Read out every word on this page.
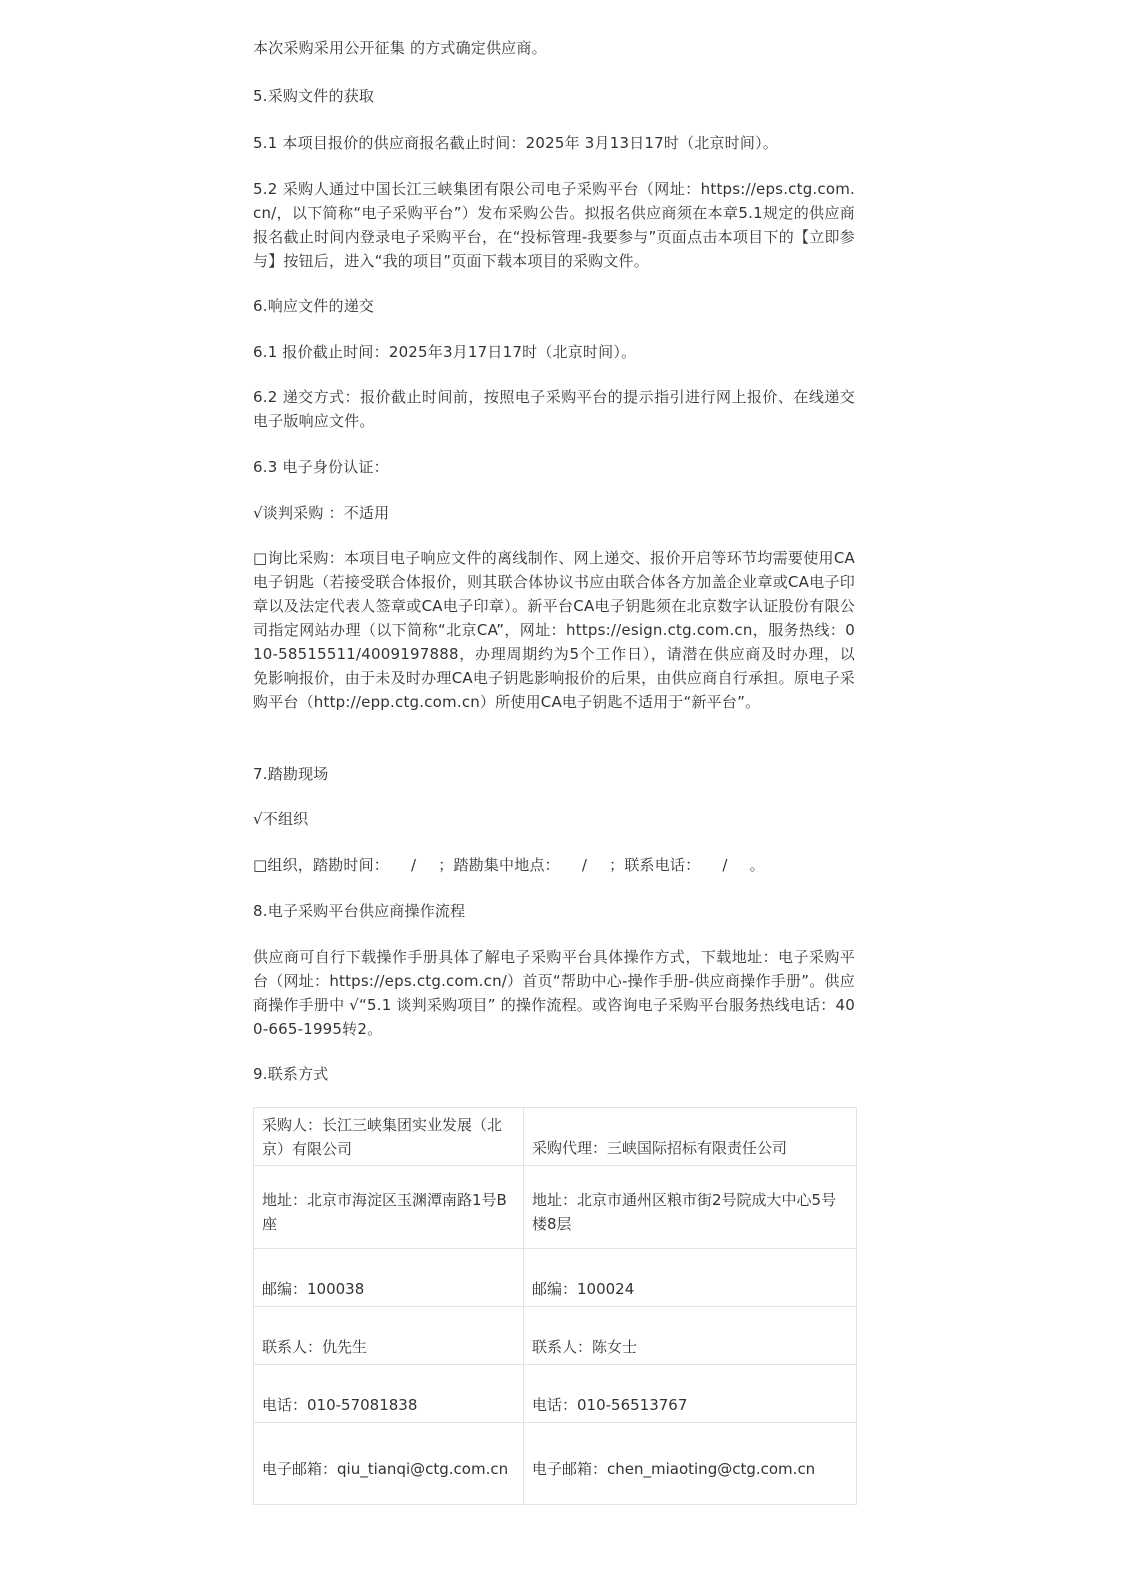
本次采购采用公开征集 的方式确定供应商。

5.采购文件的获取

5.1 本项目报价的供应商报名截止时间：2025年 3月13日17时（北京时间）。

5.2 采购人通过中国长江三峡集团有限公司电子采购平台（网址：https://eps.ctg.com.cn/，以下简称“电子采购平台”）发布采购公告。拟报名供应商须在本章5.1规定的供应商报名截止时间内登录电子采购平台，在“投标管理-我要参与”页面点击本项目下的【立即参与】按钮后，进入“我的项目”页面下载本项目的采购文件。

6.响应文件的递交

6.1 报价截止时间：2025年3月17日17时（北京时间）。

6.2 递交方式：报价截止时间前，按照电子采购平台的提示指引进行网上报价、在线递交电子版响应文件。

6.3 电子身份认证：

√谈判采购 ：不适用

□询比采购：本项目电子响应文件的离线制作、网上递交、报价开启等环节均需要使用CA电子钥匙（若接受联合体报价，则其联合体协议书应由联合体各方加盖企业章或CA电子印章以及法定代表人签章或CA电子印章）。新平台CA电子钥匙须在北京数字认证股份有限公司指定网站办理（以下简称“北京CA”，网址：https://esign.ctg.com.cn，服务热线：010-58515511/4009197888，办理周期约为5个工作日），请潜在供应商及时办理，以免影响报价，由于未及时办理CA电子钥匙影响报价的后果，由供应商自行承担。原电子采购平台（http://epp.ctg.com.cn）所使用CA电子钥匙不适用于“新平台”。

7.踏勘现场

√不组织

□组织，踏勘时间： / ；踏勘集中地点： / ；联系电话： / 。

8.电子采购平台供应商操作流程

供应商可自行下载操作手册具体了解电子采购平台具体操作方式，下载地址：电子采购平台（网址：https://eps.ctg.com.cn/）首页“帮助中心-操作手册-供应商操作手册”。供应商操作手册中 √“5.1 谈判采购项目” 的操作流程。或咨询电子采购平台服务热线电话：400-665-1995转2。

9.联系方式

采购人：长江三峡集团实业发展（北京）有限公司	采购代理：三峡国际招标有限责任公司
地址：北京市海淀区玉渊潭南路1号B座	地址：北京市通州区粮市街2号院成大中心5号楼8层
邮编：100038	邮编：100024
联系人：仇先生	联系人：陈女士
电话：010-57081838	电话：010-56513767
电子邮箱：qiu_tianqi@ctg.com.cn	电子邮箱：chen_miaoting@ctg.com.cn
